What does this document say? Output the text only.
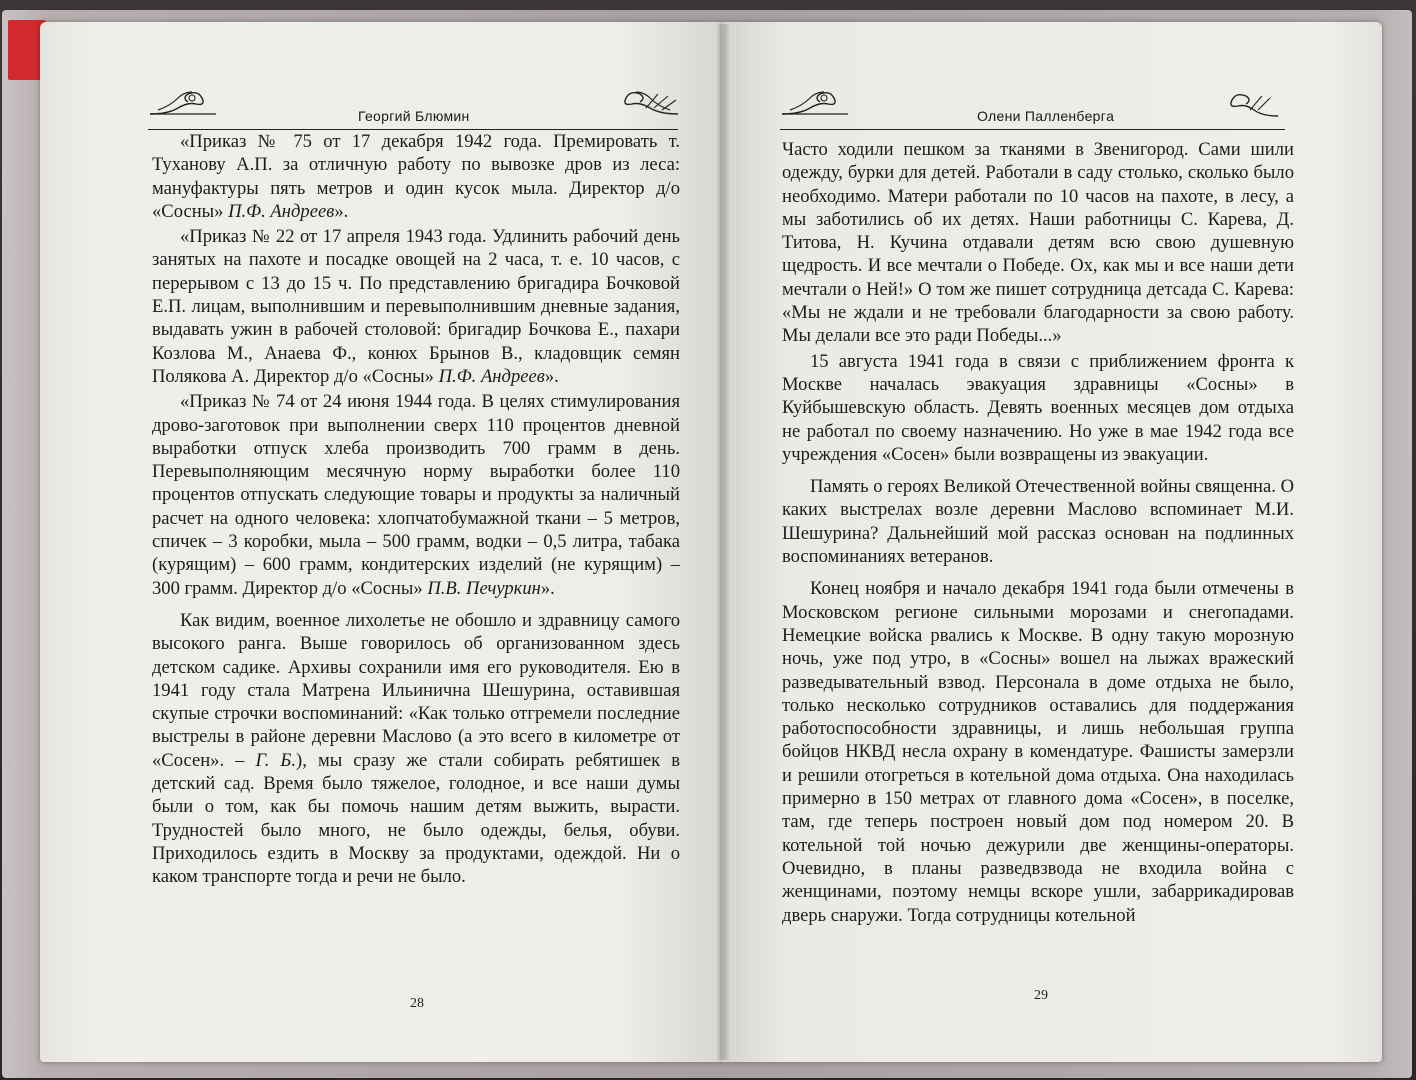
Георгий Блюмин

«Приказ № 75 от 17 декабря 1942 года. Премировать т. Туханову А.П. за отличную работу по вывозке дров из леса: мануфактуры пять метров и один кусок мыла. Директор д/о «Сосны» П.Ф. Андреев».

«Приказ № 22 от 17 апреля 1943 года. Удлинить рабочий день занятых на пахоте и посадке овощей на 2 часа, т. е. 10 часов, с перерывом с 13 до 15 ч. По представлению бригадира Бочковой Е.П. лицам, выполнившим и перевыполнившим дневные задания, выдавать ужин в рабочей столовой: бригадир Бочкова Е., пахари Козлова М., Анаева Ф., конюх Брынов В., кладовщик семян Полякова А. Директор д/о «Сосны» П.Ф. Андреев».

«Приказ № 74 от 24 июня 1944 года. В целях стимулирования дрово-заготовок при выполнении сверх 110 процентов дневной выработки отпуск хлеба производить 700 грамм в день. Перевыполняющим месячную норму выработки более 110 процентов отпускать следующие товары и продукты за наличный расчет на одного человека: хлопчатобумажной ткани – 5 метров, спичек – 3 коробки, мыла – 500 грамм, водки – 0,5 литра, табака (курящим) – 600 грамм, кондитерских изделий (не курящим) – 300 грамм. Директор д/о «Сосны» П.В. Печуркин».

Как видим, военное лихолетье не обошло и здравницу самого высокого ранга. Выше говорилось об организованном здесь детском садике. Архивы сохранили имя его руководителя. Ею в 1941 году стала Матрена Ильинична Шешурина, оставившая скупые строчки воспоминаний: «Как только отгремели последние выстрелы в районе деревни Маслово (а это всего в километре от «Сосен». – Г. Б.), мы сразу же стали собирать ребятишек в детский сад. Время было тяжелое, голодное, и все наши думы были о том, как бы помочь нашим детям выжить, вырасти. Трудностей было много, не было одежды, белья, обуви. Приходилось ездить в Москву за продуктами, одеждой. Ни о каком транспорте тогда и речи не было.

28
Олени Палленбергa

Часто ходили пешком за тканями в Звенигород. Сами шили одежду, бурки для детей. Работали в саду столько, сколько было необходимо. Матери работали по 10 часов на пахоте, в лесу, а мы заботились об их детях. Наши работницы С. Карева, Д. Титова, Н. Кучина отдавали детям всю свою душевную щедрость. И все мечтали о Победе. Ох, как мы и все наши дети мечтали о Ней!» О том же пишет сотрудница детсада С. Карева: «Мы не ждали и не требовали благодарности за свою работу. Мы делали все это ради Победы...»

15 августа 1941 года в связи с приближением фронта к Москве началась эвакуация здравницы «Сосны» в Куйбышевскую область. Девять военных месяцев дом отдыха не работал по своему назначению. Но уже в мае 1942 года все учреждения «Сосен» были возвращены из эвакуации.

Память о героях Великой Отечественной войны священна. О каких выстрелах возле деревни Маслово вспоминает М.И. Шешурина? Дальнейший мой рассказ основан на подлинных воспоминаниях ветеранов.

Конец ноября и начало декабря 1941 года были отмечены в Московском регионе сильными морозами и снегопадами. Немецкие войска рвались к Москве. В одну такую морозную ночь, уже под утро, в «Сосны» вошел на лыжах вражеский разведывательный взвод. Персонала в доме отдыха не было, только несколько сотрудников оставались для поддержания работоспособности здравницы, и лишь небольшая группа бойцов НКВД несла охрану в комендатуре. Фашисты замерзли и решили отогреться в котельной дома отдыха. Она находилась примерно в 150 метрах от главного дома «Сосен», в поселке, там, где теперь построен новый дом под номером 20. В котельной той ночью дежурили две женщины-операторы. Очевидно, в планы разведвзвода не входила война с женщинами, поэтому немцы вскоре ушли, забаррикадировав дверь снаружи. Тогда сотрудницы котельной

29
